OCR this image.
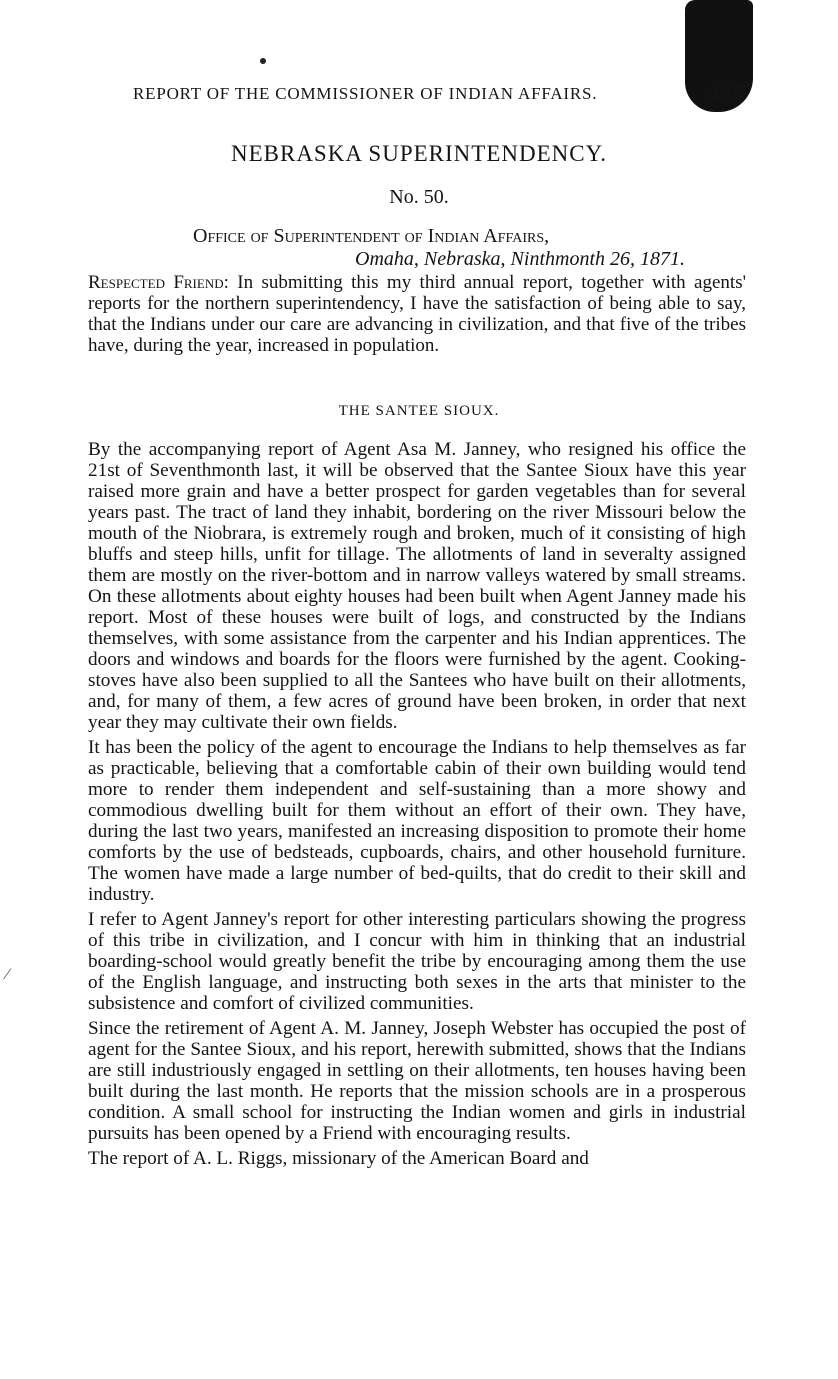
⁄
REPORT OF THE COMMISSIONER OF INDIAN AFFAIRS.	435
NEBRASKA SUPERINTENDENCY.
No. 50.
Office of Superintendent of Indian Affairs,
Omaha, Nebraska, Ninthmonth 26, 1871.
Respected Friend: In submitting this my third annual report, together with agents' reports for the northern superintendency, I have the satisfaction of being able to say, that the Indians under our care are advancing in civilization, and that five of the tribes have, during the year, increased in population.
THE SANTEE SIOUX.

By the accompanying report of Agent Asa M. Janney, who resigned his office the 21st of Seventhmonth last, it will be observed that the Santee Sioux have this year raised more grain and have a better prospect for garden vegetables than for several years past. The tract of land they inhabit, bordering on the river Missouri below the mouth of the Niobrara, is extremely rough and broken, much of it consisting of high bluffs and steep hills, unfit for tillage. The allotments of land in severalty assigned them are mostly on the river-bottom and in narrow valleys watered by small streams. On these allotments about eighty houses had been built when Agent Janney made his report. Most of these houses were built of logs, and constructed by the Indians themselves, with some assistance from the carpenter and his Indian apprentices. The doors and windows and boards for the floors were furnished by the agent. Cooking-stoves have also been supplied to all the Santees who have built on their allotments, and, for many of them, a few acres of ground have been broken, in order that next year they may cultivate their own fields.

It has been the policy of the agent to encourage the Indians to help themselves as far as practicable, believing that a comfortable cabin of their own building would tend more to render them independent and self-sustaining than a more showy and commodious dwelling built for them without an effort of their own. They have, during the last two years, manifested an increasing disposition to promote their home comforts by the use of bedsteads, cupboards, chairs, and other household furniture. The women have made a large number of bed-quilts, that do credit to their skill and industry.

I refer to Agent Janney's report for other interesting particulars showing the progress of this tribe in civilization, and I concur with him in thinking that an industrial boarding-school would greatly benefit the tribe by encouraging among them the use of the English language, and instructing both sexes in the arts that minister to the subsistence and comfort of civilized communities.

Since the retirement of Agent A. M. Janney, Joseph Webster has occupied the post of agent for the Santee Sioux, and his report, herewith submitted, shows that the Indians are still industriously engaged in settling on their allotments, ten houses having been built during the last month. He reports that the mission schools are in a prosperous condition. A small school for instructing the Indian women and girls in industrial pursuits has been opened by a Friend with encouraging results.

The report of A. L. Riggs, missionary of the American Board and
